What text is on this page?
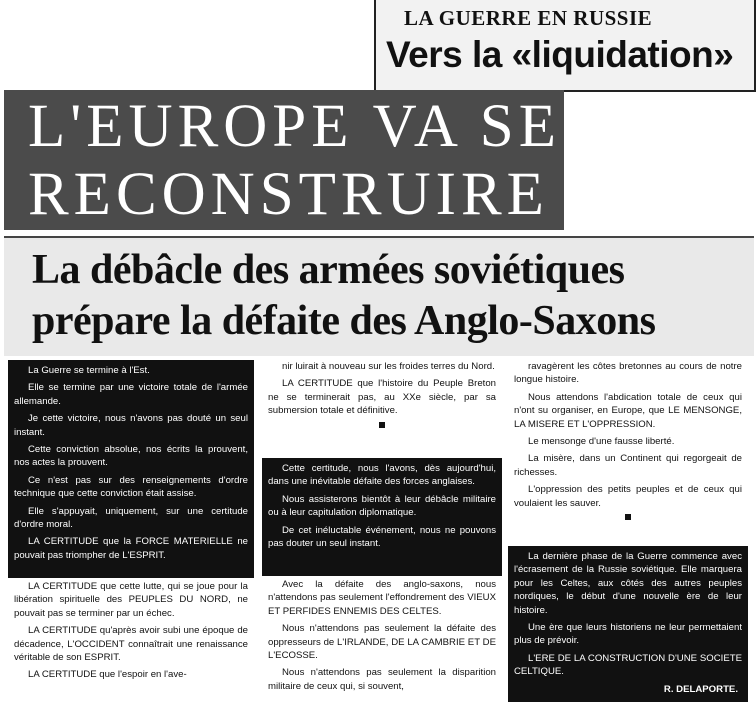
LA GUERRE EN RUSSIE
Vers la «liquidation»
L'EUROPE VA SE
RECONSTRUIRE
La débâcle des armées soviétiques
prépare la défaite des Anglo-Saxons

La Guerre se termine à l'Est.

Elle se termine par une victoire totale de l'armée allemande.

Je cette victoire, nous n'avons pas douté un seul instant.

Cette conviction absolue, nos écrits la prouvent, nos actes la prouvent.

Ce n'est pas sur des renseignements d'ordre technique que cette conviction était assise.

Elle s'appuyait, uniquement, sur une certitude d'ordre moral.

LA CERTITUDE que la FORCE MATERIELLE ne pouvait pas triompher de L'ESPRIT.

LA CERTITUDE que cette lutte, qui se joue pour la libération spirituelle des PEUPLES DU NORD, ne pouvait pas se terminer par un échec.

LA CERTITUDE qu'après avoir subi une époque de décadence, L'OCCIDENT connaîtrait une renaissance véritable de son ESPRIT.

LA CERTITUDE que l'espoir en l'ave-

nir luirait à nouveau sur les froides terres du Nord.

LA CERTITUDE que l'histoire du Peuple Breton ne se terminerait pas, au XXe siècle, par sa submersion totale et définitive.

Cette certitude, nous l'avons, dès aujourd'hui, dans une inévitable défaite des forces anglaises.

Nous assisterons bientôt à leur débâcle militaire ou à leur capitulation diplomatique.

De cet inéluctable événement, nous ne pouvons pas douter un seul instant.

Avec la défaite des anglo-saxons, nous n'attendons pas seulement l'effondrement des VIEUX ET PERFIDES ENNEMIS DES CELTES.

Nous n'attendons pas seulement la défaite des oppresseurs de L'IRLANDE, DE LA CAMBRIE ET DE L'ECOSSE.

Nous n'attendons pas seulement la disparition militaire de ceux qui, si souvent,

ravagèrent les côtes bretonnes au cours de notre longue histoire.

Nous attendons l'abdication totale de ceux qui n'ont su organiser, en Europe, que LE MENSONGE, LA MISERE ET L'OPPRESSION.

Le mensonge d'une fausse liberté.

La misère, dans un Continent qui regorgeait de richesses.

L'oppression des petits peuples et de ceux qui voulaient les sauver.

La dernière phase de la Guerre commence avec l'écrasement de la Russie soviétique. Elle marquera pour les Celtes, aux côtés des autres peuples nordiques, le début d'une nouvelle ère de leur histoire.

Une ère que leurs historiens ne leur permettaient plus de prévoir.

L'ERE DE LA CONSTRUCTION D'UNE SOCIETE CELTIQUE.

R. DELAPORTE.
